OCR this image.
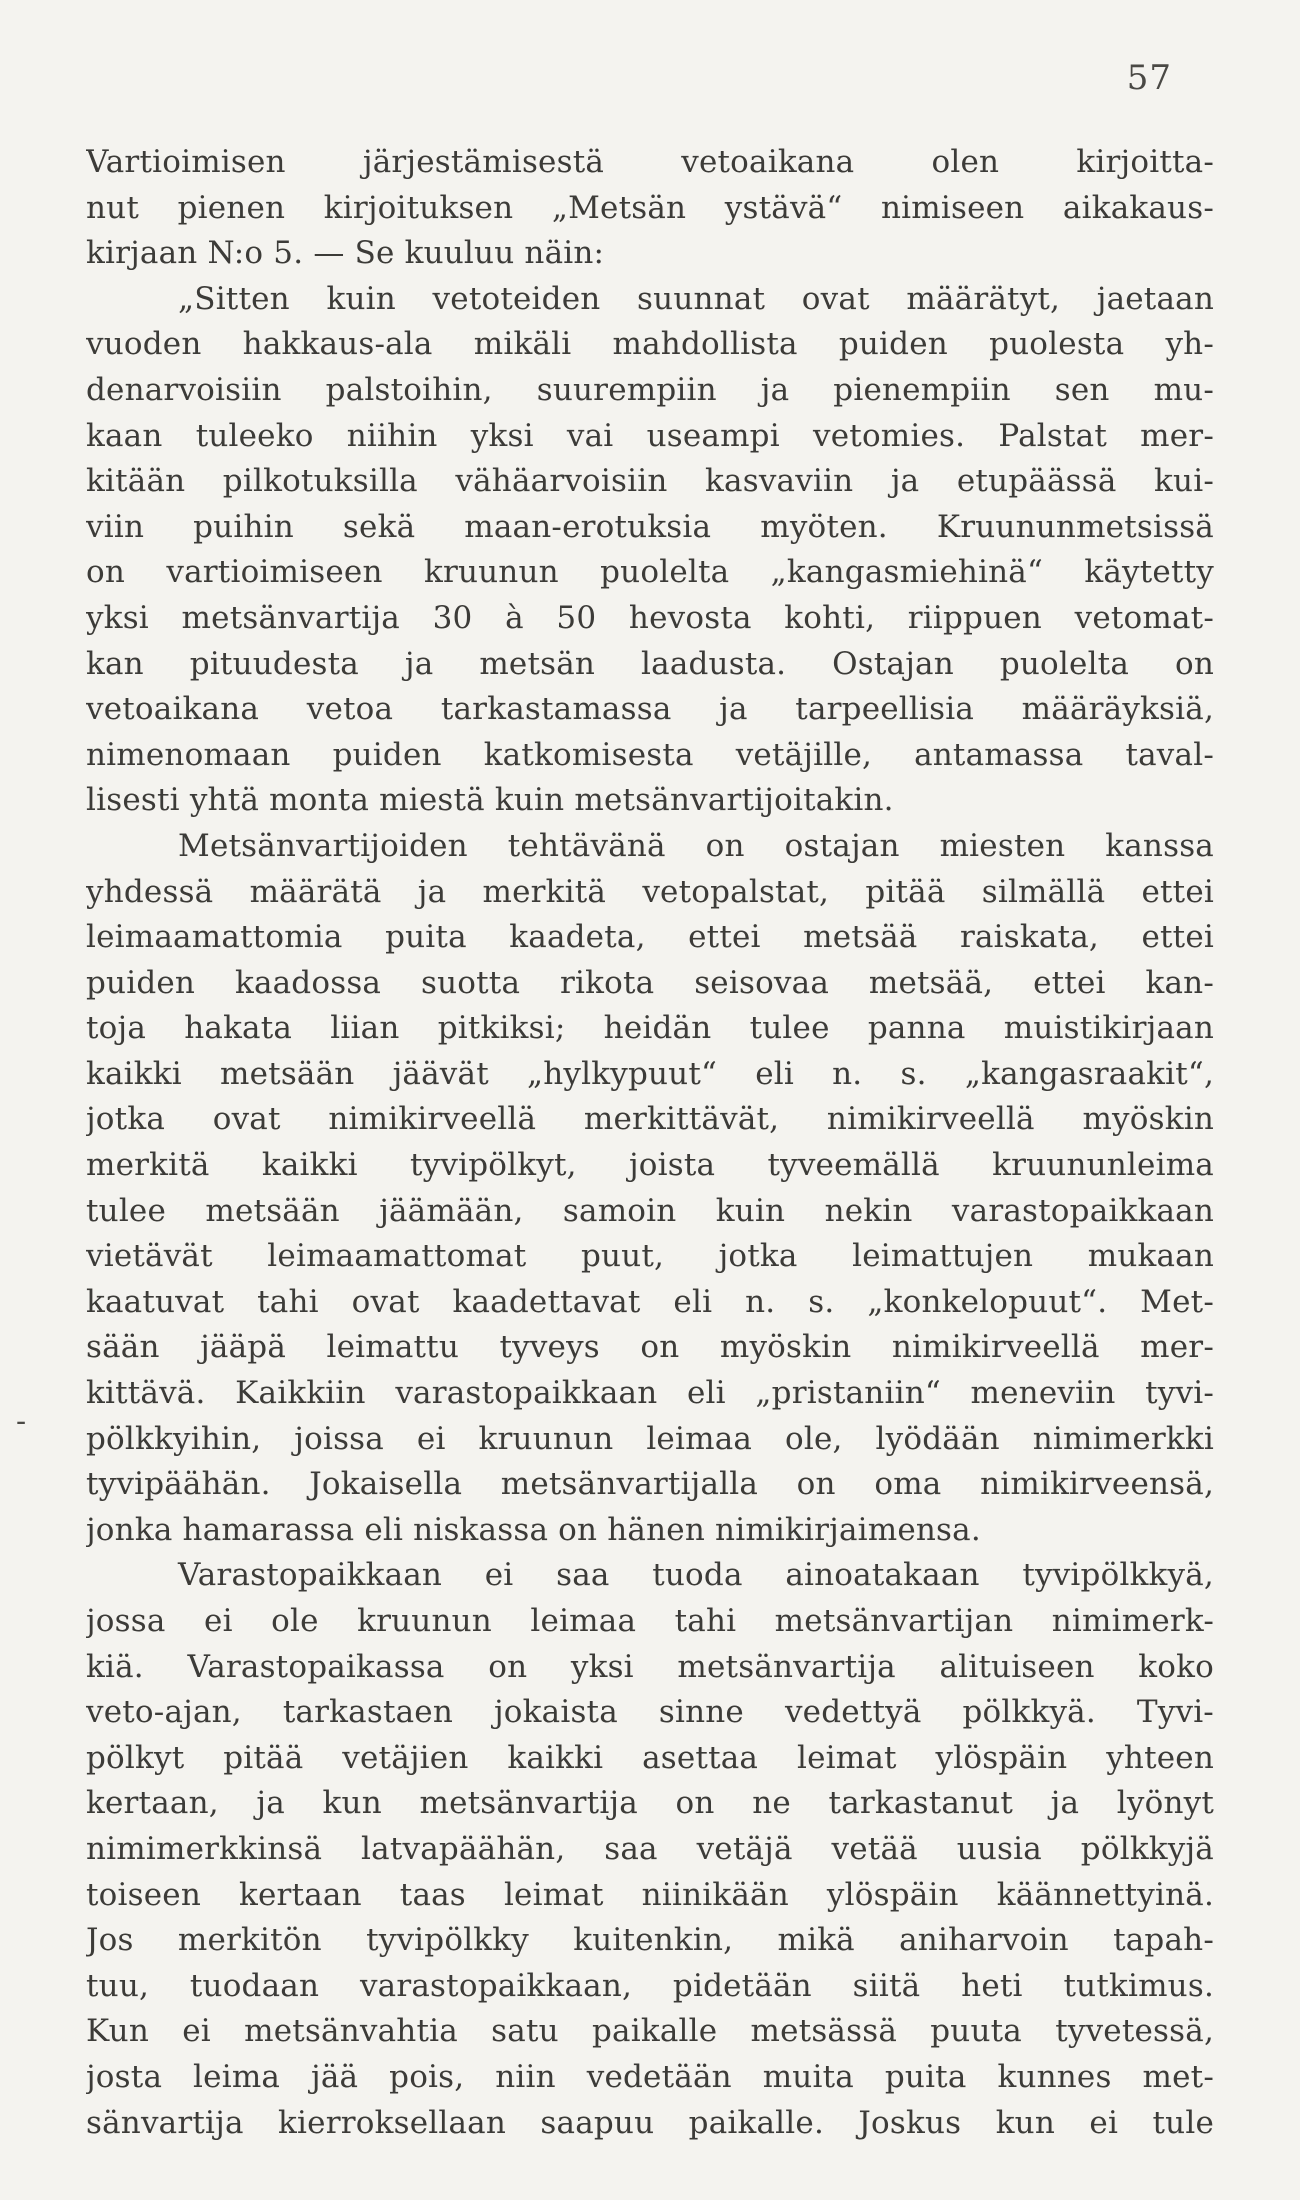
57
-
Vartioimisen järjestämisestä vetoaikana olen kirjoitta-
nut pienen kirjoituksen „Metsän ystävä“ nimiseen aikakaus-
kirjaan N:o 5. — Se kuuluu näin:
„Sitten kuin vetoteiden suunnat ovat määrätyt, jaetaan
vuoden hakkaus-ala mikäli mahdollista puiden puolesta yh-
denarvoisiin palstoihin, suurempiin ja pienempiin sen mu-
kaan tuleeko niihin yksi vai useampi vetomies. Palstat mer-
kitään pilkotuksilla vähäarvoisiin kasvaviin ja etupäässä kui-
viin puihin sekä maan-erotuksia myöten. Kruununmetsissä
on vartioimiseen kruunun puolelta „kangasmiehinä“ käytetty
yksi metsänvartija 30 à 50 hevosta kohti, riippuen vetomat-
kan pituudesta ja metsän laadusta. Ostajan puolelta on
vetoaikana vetoa tarkastamassa ja tarpeellisia määräyksiä,
nimenomaan puiden katkomisesta vetäjille, antamassa taval-
lisesti yhtä monta miestä kuin metsänvartijoitakin.
Metsänvartijoiden tehtävänä on ostajan miesten kanssa
yhdessä määrätä ja merkitä vetopalstat, pitää silmällä ettei
leimaamattomia puita kaadeta, ettei metsää raiskata, ettei
puiden kaadossa suotta rikota seisovaa metsää, ettei kan-
toja hakata liian pitkiksi; heidän tulee panna muistikirjaan
kaikki metsään jäävät „hylkypuut“ eli n. s. „kangasraakit“,
jotka ovat nimikirveellä merkittävät, nimikirveellä myöskin
merkitä kaikki tyvipölkyt, joista tyveemällä kruununleima
tulee metsään jäämään, samoin kuin nekin varastopaikkaan
vietävät leimaamattomat puut, jotka leimattujen mukaan
kaatuvat tahi ovat kaadettavat eli n. s. „konkelopuut“. Met-
sään jääpä leimattu tyveys on myöskin nimikirveellä mer-
kittävä. Kaikkiin varastopaikkaan eli „pristaniin“ meneviin tyvi-
pölkkyihin, joissa ei kruunun leimaa ole, lyödään nimimerkki
tyvipäähän. Jokaisella metsänvartijalla on oma nimikirveensä,
jonka hamarassa eli niskassa on hänen nimikirjaimensa.
Varastopaikkaan ei saa tuoda ainoatakaan tyvipölkkyä,
jossa ei ole kruunun leimaa tahi metsänvartijan nimimerk-
kiä. Varastopaikassa on yksi metsänvartija alituiseen koko
veto-ajan, tarkastaen jokaista sinne vedettyä pölkkyä. Tyvi-
pölkyt pitää vetäjien kaikki asettaa leimat ylöspäin yhteen
kertaan, ja kun metsänvartija on ne tarkastanut ja lyönyt
nimimerkkinsä latvapäähän, saa vetäjä vetää uusia pölkkyjä
toiseen kertaan taas leimat niinikään ylöspäin käännettyinä.
Jos merkitön tyvipölkky kuitenkin, mikä aniharvoin tapah-
tuu, tuodaan varastopaikkaan, pidetään siitä heti tutkimus.
Kun ei metsänvahtia satu paikalle metsässä puuta tyvetessä,
josta leima jää pois, niin vedetään muita puita kunnes met-
sänvartija kierroksellaan saapuu paikalle. Joskus kun ei tule
